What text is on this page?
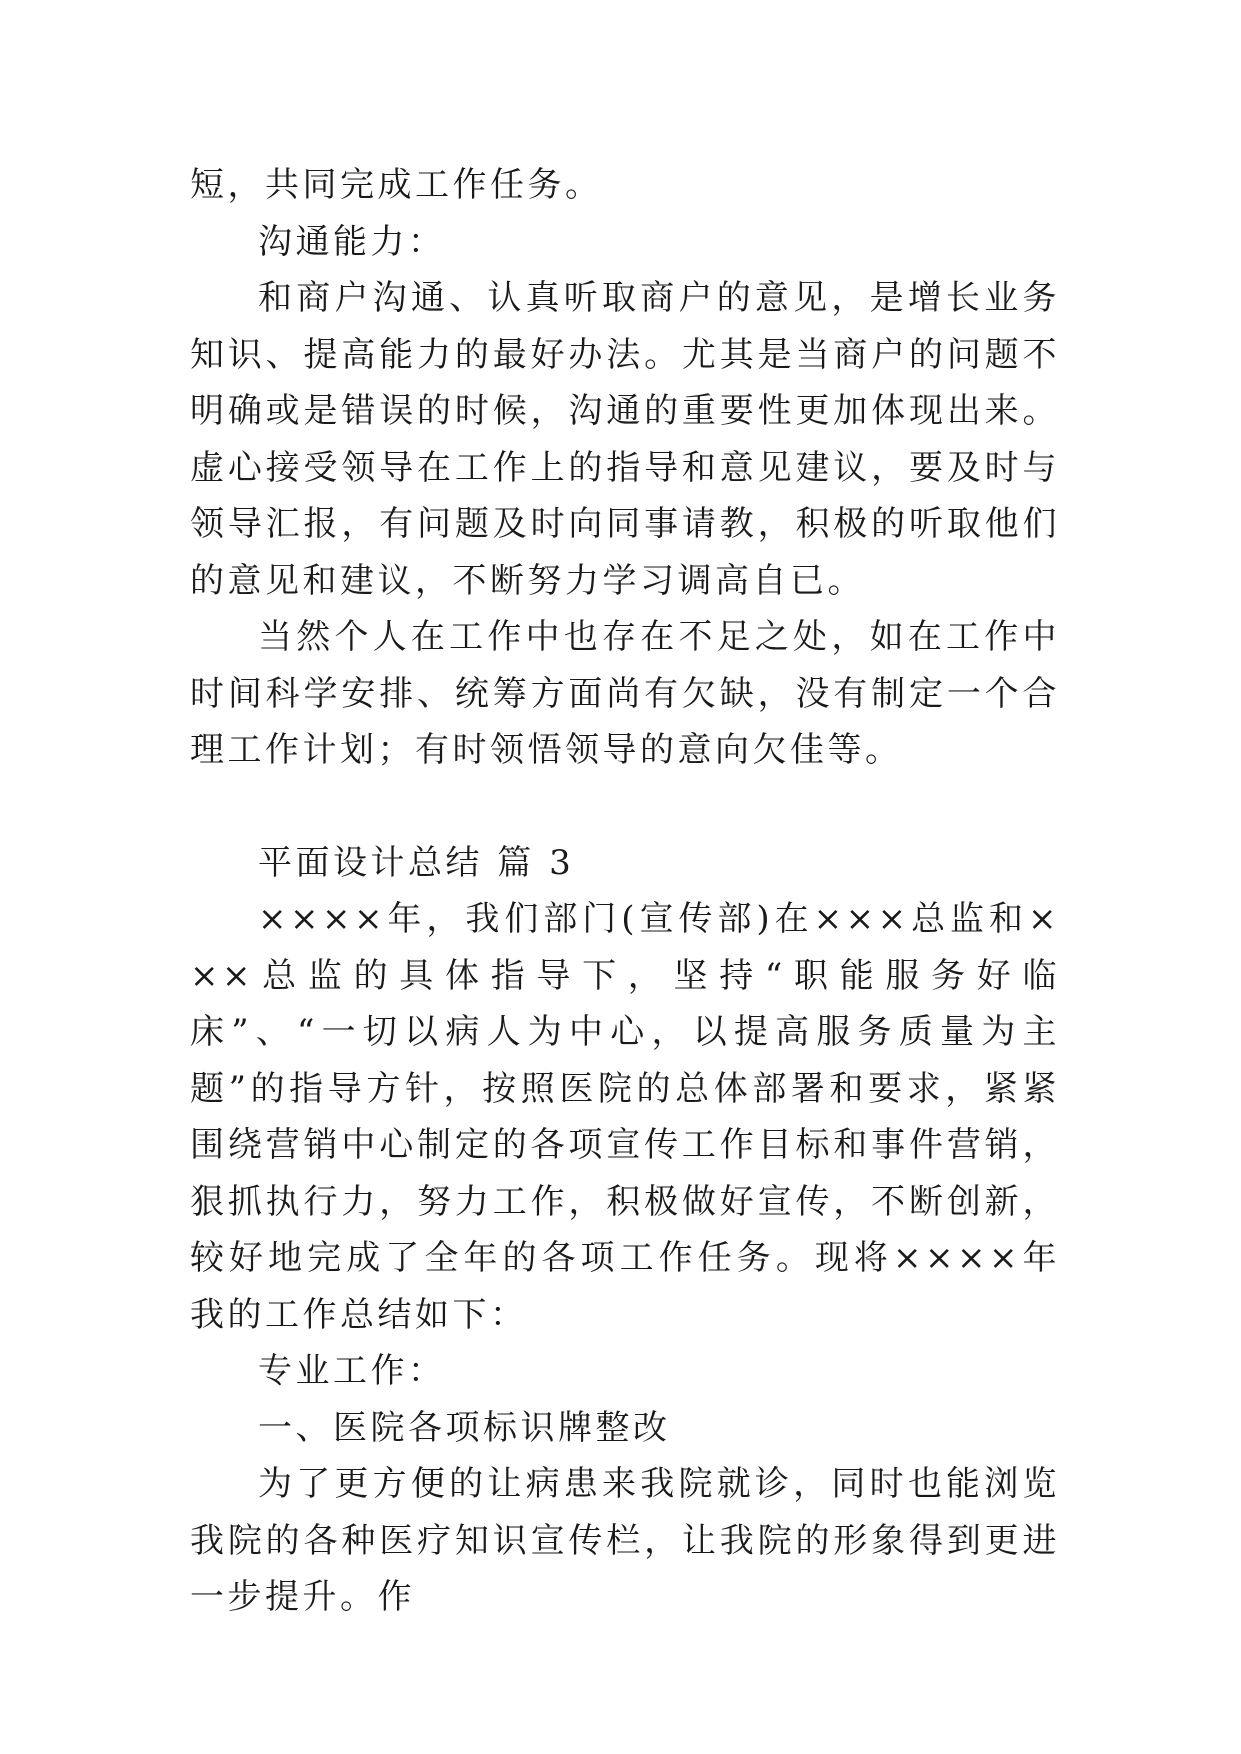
短，共同完成工作任务。

沟通能力：

和商户沟通、认真听取商户的意见，是增长业务知识、提高能力的最好办法。尤其是当商户的问题不明确或是错误的时候，沟通的重要性更加体现出来。虚心接受领导在工作上的指导和意见建议，要及时与领导汇报，有问题及时向同事请教，积极的听取他们的意见和建议，不断努力学习调高自已。

当然个人在工作中也存在不足之处，如在工作中时间科学安排、统筹方面尚有欠缺，没有制定一个合理工作计划；有时领悟领导的意向欠佳等。

平面设计总结 篇 3

××××年，我们部门(宣传部)在×××总监和×××总监的具体指导下，坚持“职能服务好临床”、“一切以病人为中心，以提高服务质量为主题”的指导方针，按照医院的总体部署和要求，紧紧围绕营销中心制定的各项宣传工作目标和事件营销，狠抓执行力，努力工作，积极做好宣传，不断创新，较好地完成了全年的各项工作任务。现将××××年我的工作总结如下：

专业工作：

一、医院各项标识牌整改

为了更方便的让病患来我院就诊，同时也能浏览我院的各种医疗知识宣传栏，让我院的形象得到更进一步提升。作
